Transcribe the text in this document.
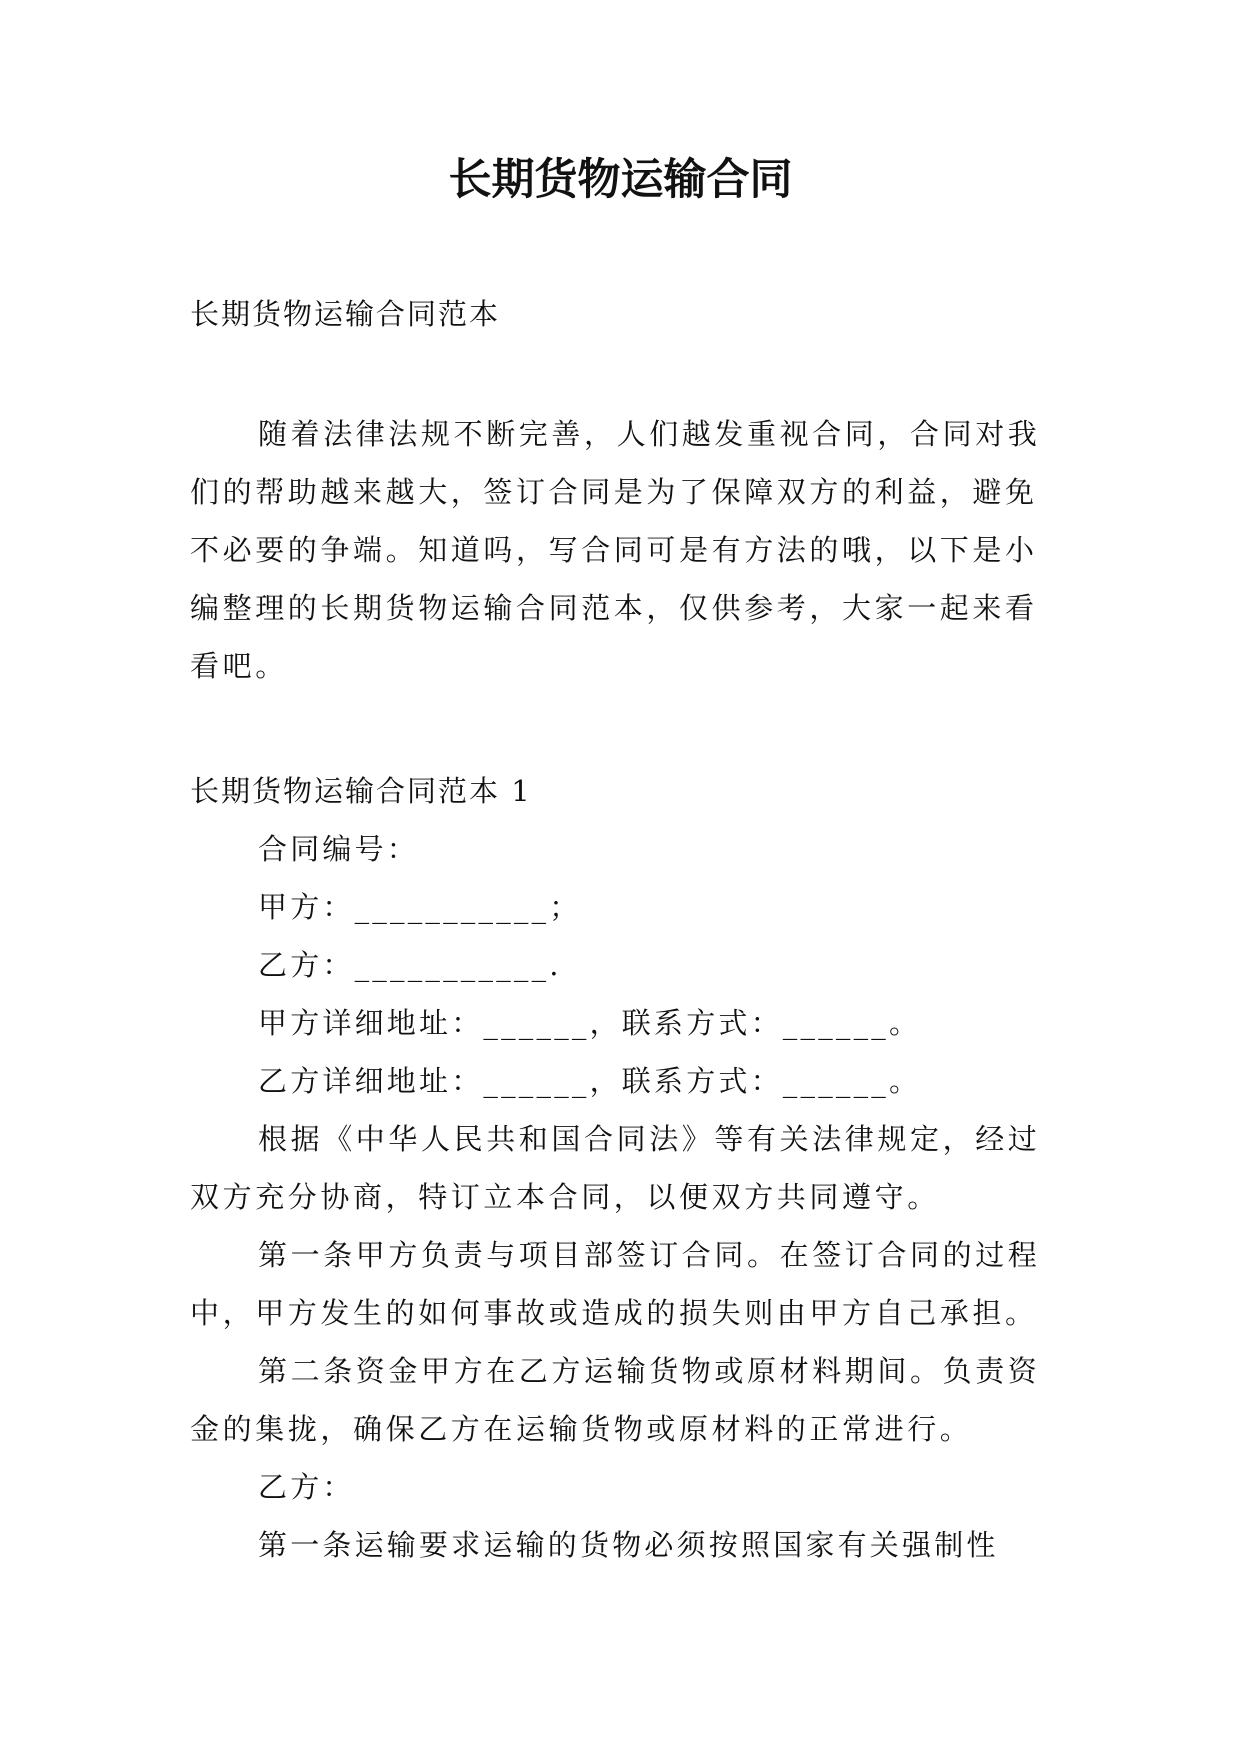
长期货物运输合同

长期货物运输合同范本

随着法律法规不断完善，人们越发重视合同，合同对我们的帮助越来越大，签订合同是为了保障双方的利益，避免不必要的争端。知道吗，写合同可是有方法的哦，以下是小编整理的长期货物运输合同范本，仅供参考，大家一起来看看吧。

长期货物运输合同范本 1

合同编号：

甲方：___________；

乙方：___________.

甲方详细地址：______，联系方式：______。

乙方详细地址：______，联系方式：______。

根据《中华人民共和国合同法》等有关法律规定，经过双方充分协商，特订立本合同，以便双方共同遵守。

第一条甲方负责与项目部签订合同。在签订合同的过程中，甲方发生的如何事故或造成的损失则由甲方自己承担。

第二条资金甲方在乙方运输货物或原材料期间。负责资金的集拢，确保乙方在运输货物或原材料的正常进行。

乙方：

第一条运输要求运输的货物必须按照国家有关强制性
